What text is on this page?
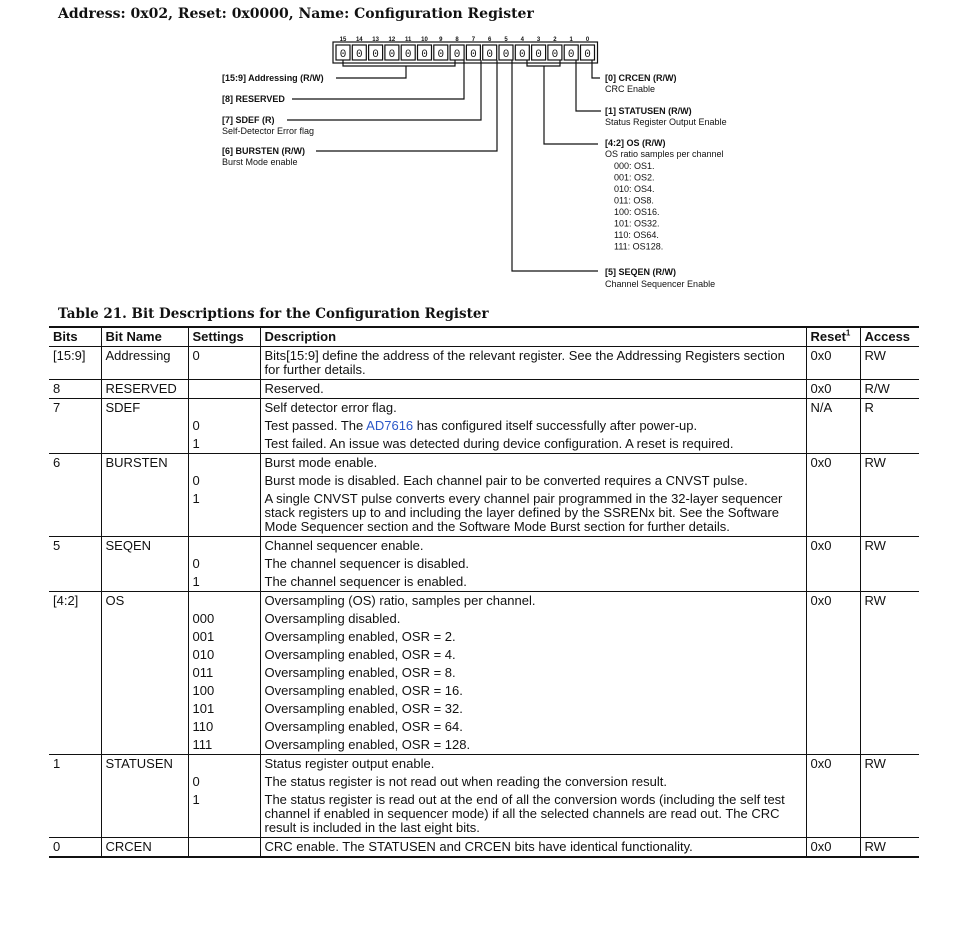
Address: 0x02, Reset: 0x0000, Name: Configuration Register
15 14 13 12 11 10 9 8 7 6 5 4 3 2 1 0
0 0 0 0 0 0 0 0 0 0 0 0 0 0 0 0
[15:9] Addressing (R/W)
[8] RESERVED
[7] SDEF (R)
Self-Detector Error flag
[6] BURSTEN (R/W)
Burst Mode enable
[0] CRCEN (R/W)
CRC Enable
[1] STATUSEN (R/W)
Status Register Output Enable
[4:2] OS (R/W)
OS ratio samples per channel
000: OS1.
001: OS2.
010: OS4.
011: OS8.
100: OS16.
101: OS32.
110: OS64.
111: OS128.
[5] SEQEN (R/W)
Channel Sequencer Enable
Table 21. Bit Descriptions for the Configuration Register
Bits	Bit Name	Settings	Description	Reset$^1$	Access
[15:9]	Addressing	0	Bits[15:9] define the address of the relevant register. See the Addressing Registers section for further details.	0x0	RW
8	RESERVED		Reserved.	0x0	R/W
7	SDEF		Self detector error flag.	N/A	R
		0	Test passed. The AD7616 has configured itself successfully after power-up.		
		1	Test failed. An issue was detected during device configuration. A reset is required.		
6	BURSTEN		Burst mode enable.	0x0	RW
		0	Burst mode is disabled. Each channel pair to be converted requires a CNVST pulse.		
		1	A single CNVST pulse converts every channel pair programmed in the 32-layer sequencer stack registers up to and including the layer defined by the SSRENx bit. See the Software Mode Sequencer section and the Software Mode Burst section for further details.		
5	SEQEN		Channel sequencer enable.	0x0	RW
		0	The channel sequencer is disabled.		
		1	The channel sequencer is enabled.		
[4:2]	OS		Oversampling (OS) ratio, samples per channel.	0x0	RW
		000	Oversampling disabled.		
		001	Oversampling enabled, OSR = 2.		
		010	Oversampling enabled, OSR = 4.		
		011	Oversampling enabled, OSR = 8.		
		100	Oversampling enabled, OSR = 16.		
		101	Oversampling enabled, OSR = 32.		
		110	Oversampling enabled, OSR = 64.		
		111	Oversampling enabled, OSR = 128.		
1	STATUSEN		Status register output enable.	0x0	RW
		0	The status register is not read out when reading the conversion result.		
		1	The status register is read out at the end of all the conversion words (including the self test channel if enabled in sequencer mode) if all the selected channels are read out. The CRC result is included in the last eight bits.		
0	CRCEN		CRC enable. The STATUSEN and CRCEN bits have identical functionality.	0x0	RW
